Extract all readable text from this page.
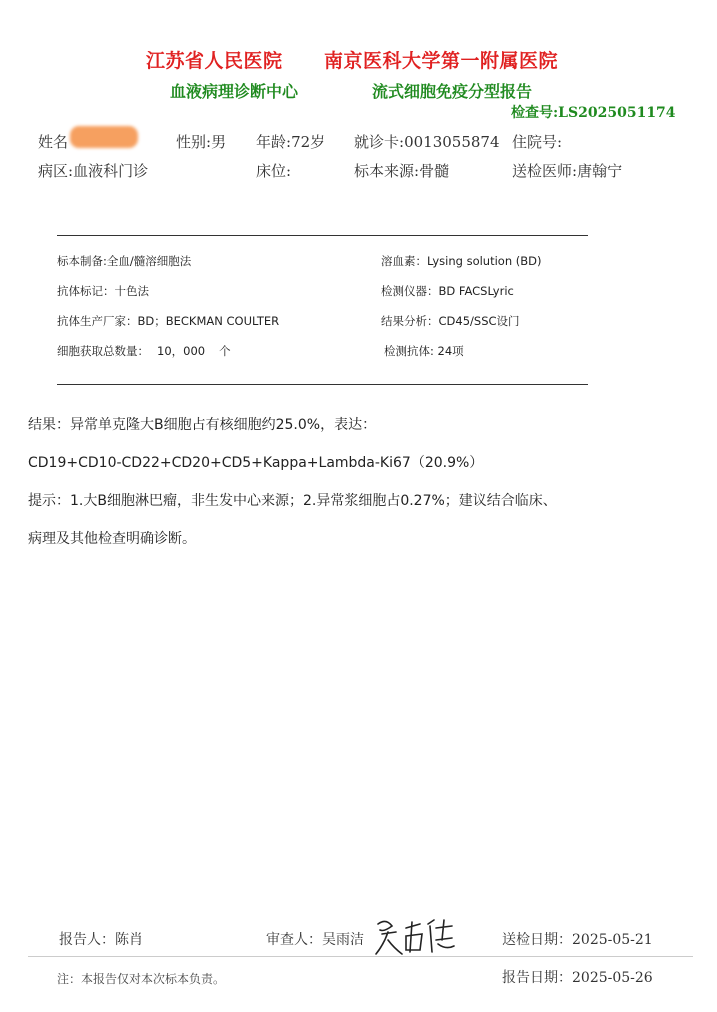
江苏省人民医院 南京医科大学第一附属医院
血液病理诊断中心	流式细胞免疫分型报告
检查号:LS2025051174
姓名	性别:男 年龄:72岁 就诊卡:0013055874 住院号:
病区:血液科门诊	床位:	标本来源:骨髓	送检医师:唐翰宁
标本制备:全血/髓溶细胞法	溶血素：Lysing solution (BD)
抗体标记：十色法	检测仪器：BD FACSLyric
抗体生产厂家：BD；BECKMAN COULTER	结果分析：CD45/SSC设门
细胞获取总数量： 10，000 个	检测抗体: 24项
结果：异常单克隆大B细胞占有核细胞约25.0%，表达：
CD19+CD10-CD22+CD20+CD5+Kappa+Lambda-Ki67（20.9%）
提示：1.大B细胞淋巴瘤，非生发中心来源；2.异常浆细胞占0.27%；建议结合临床、
病理及其他检查明确诊断。
报告人：陈肖	审查人：吴雨洁	送检日期：2025-05-21
注：本报告仅对本次标本负责。	报告日期：2025-05-26
